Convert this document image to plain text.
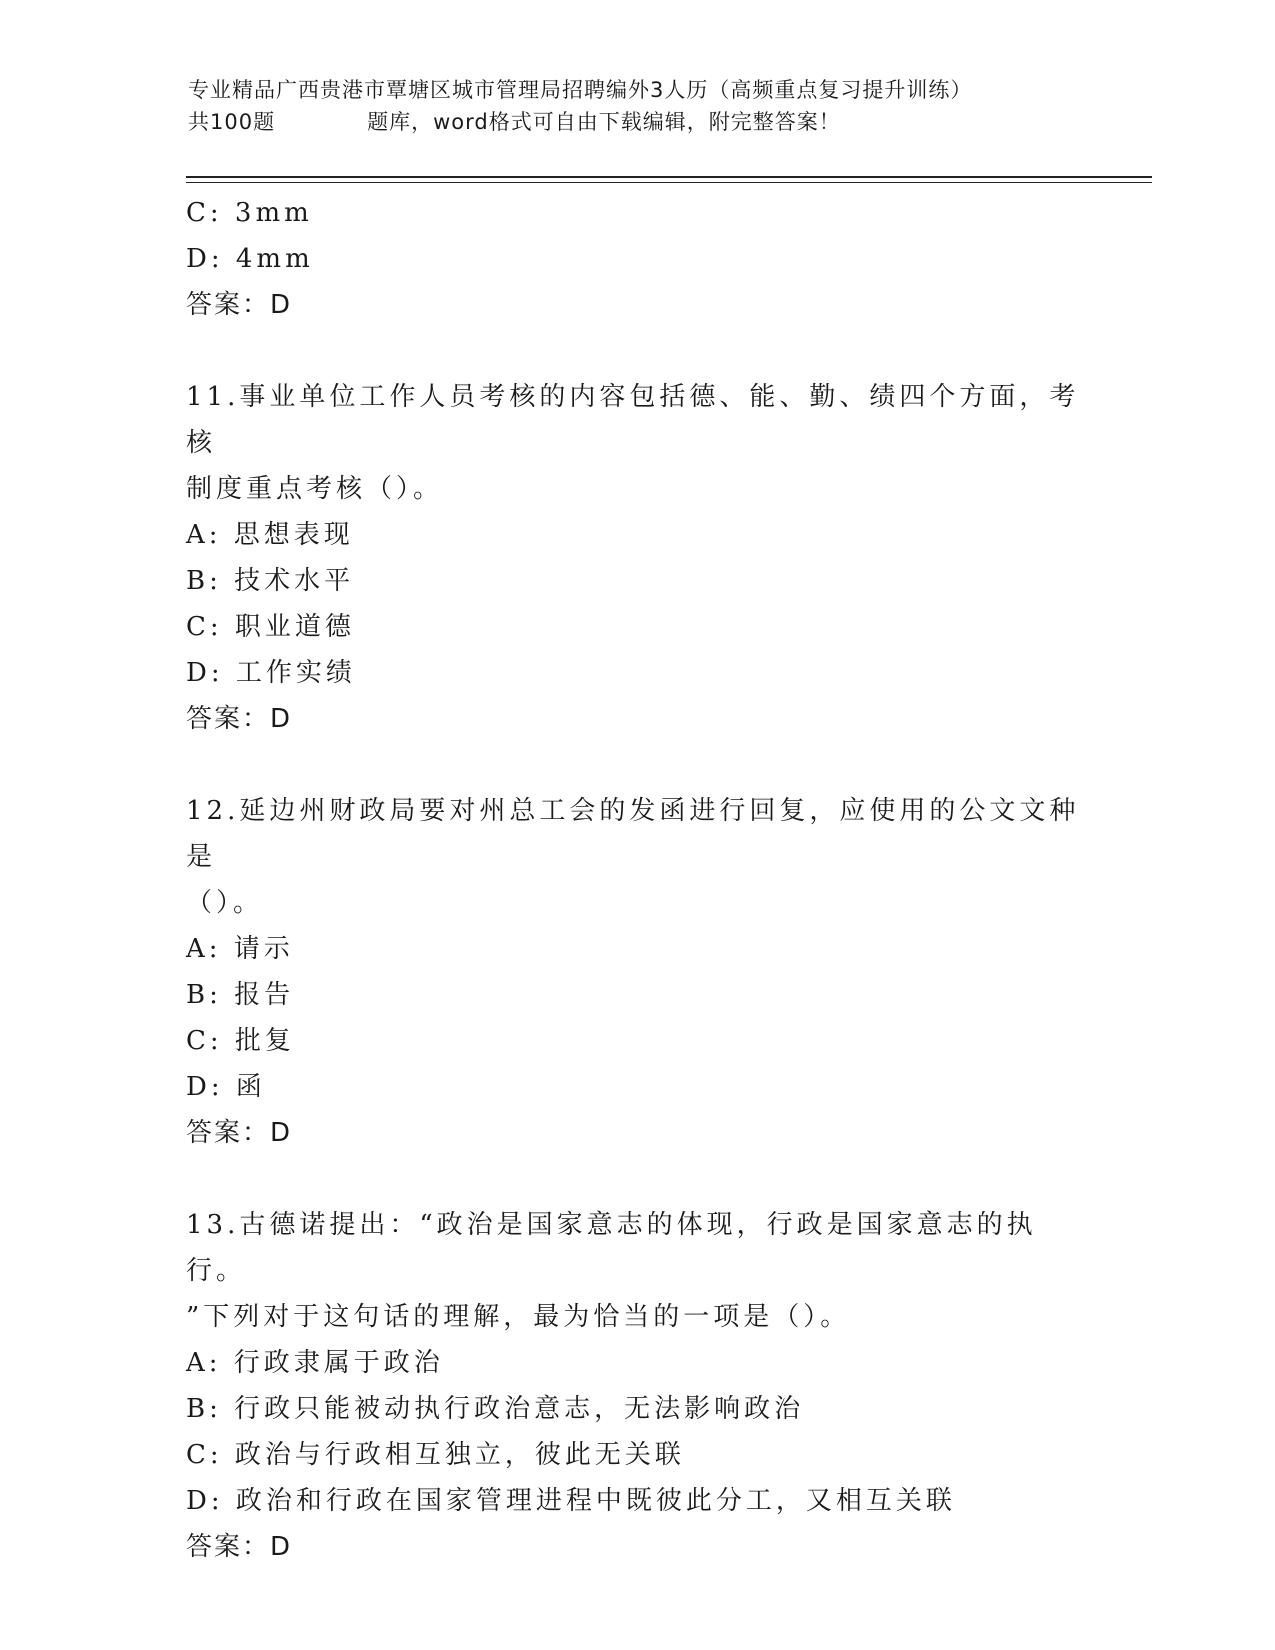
专业精品广西贵港市覃塘区城市管理局招聘编外3人历（高频重点复习提升训练）
共100题	题库，word格式可自由下载编辑，附完整答案！
C: 3mm
D: 4mm
答案：D
11.事业单位工作人员考核的内容包括德、能、勤、绩四个方面，考核
制度重点考核（）。
A: 思想表现
B: 技术水平
C: 职业道德
D: 工作实绩
答案：D
12.延边州财政局要对州总工会的发函进行回复，应使用的公文文种是
（）。
A: 请示
B: 报告
C: 批复
D: 函
答案：D
13.古德诺提出：“政治是国家意志的体现，行政是国家意志的执行。
”下列对于这句话的理解，最为恰当的一项是（）。
A: 行政隶属于政治
B: 行政只能被动执行政治意志，无法影响政治
C: 政治与行政相互独立，彼此无关联
D: 政治和行政在国家管理进程中既彼此分工，又相互关联
答案：D
